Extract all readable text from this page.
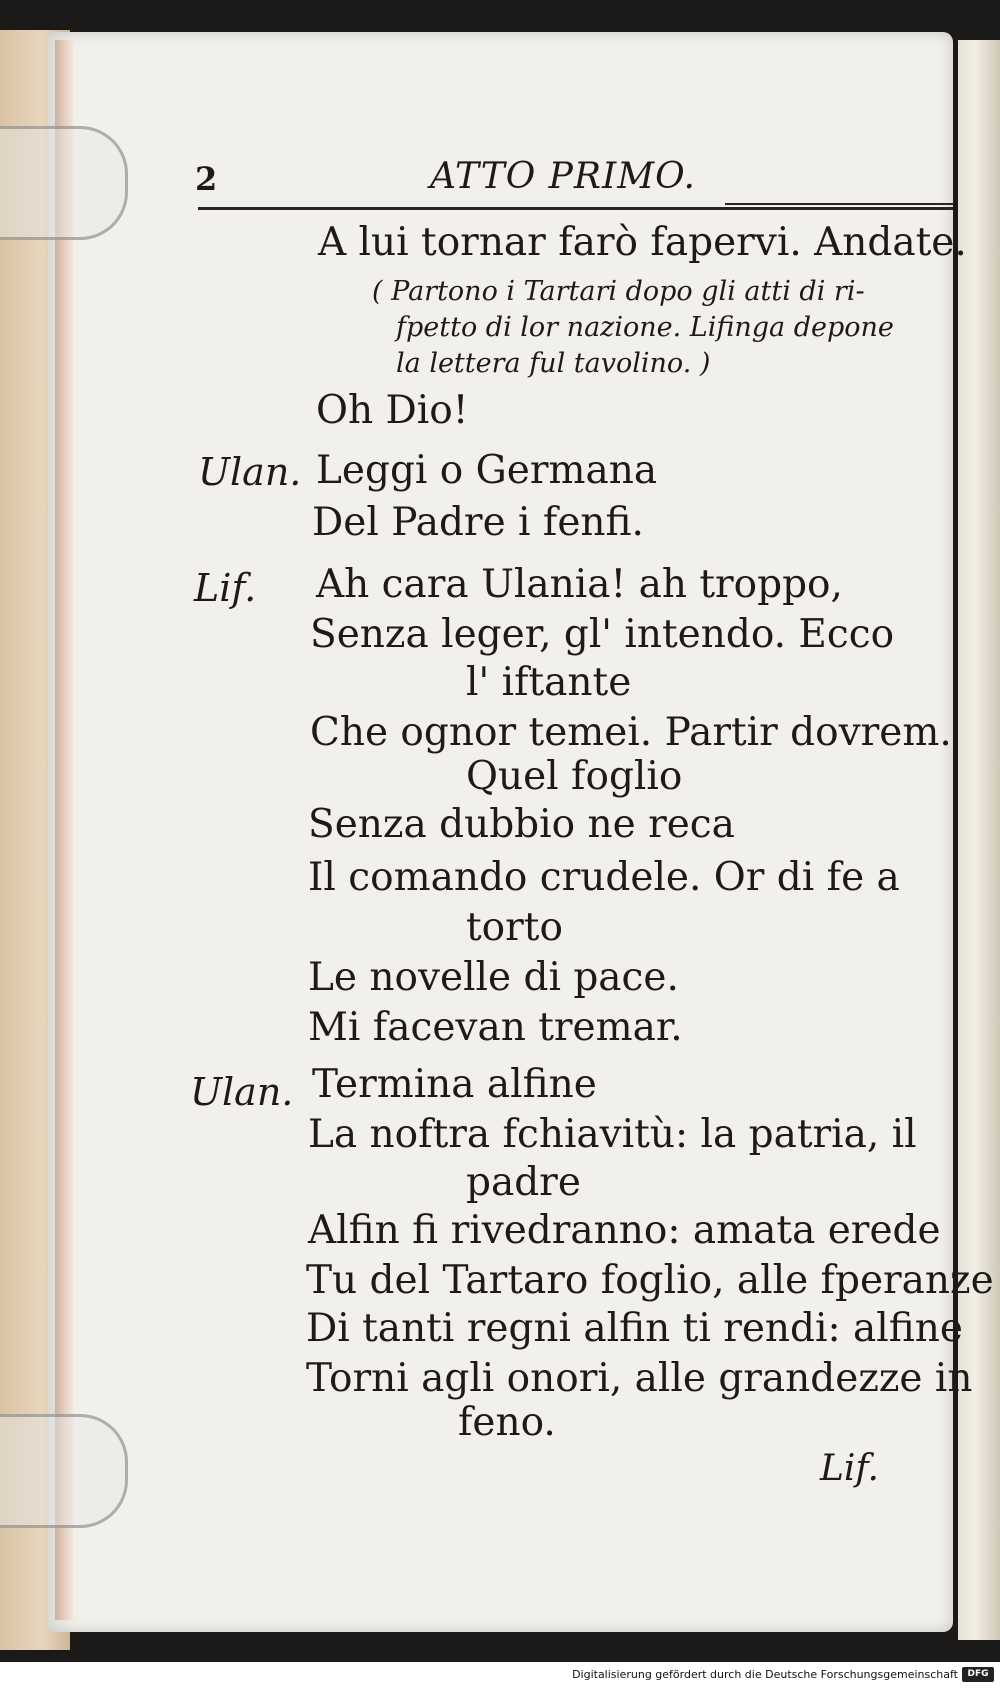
2	ATTO PRIMO.
A lui tornar farò fapervi. Andate.
( Partono i Tartari dopo gli atti di ri-
fpetto di lor nazione. Lifinga depone
la lettera ful tavolino. )
Oh Dio!
Ulan. Leggi o Germana
Del Padre i fenfi.
Lif. Ah cara Ulania! ah troppo,
Senza leger, gl' intendo. Ecco
l' iftante
Che ognor temei. Partir dovrem.
Quel foglio
Senza dubbio ne reca
Il comando crudele. Or di fe a
torto
Le novelle di pace.
Mi facevan tremar.
Ulan. Termina alfine
La noftra fchiavitù: la patria, il
padre
Alfin fi rivedranno: amata erede
Tu del Tartaro foglio, alle fperanze
Di tanti regni alfin ti rendi: alfine
Torni agli onori, alle grandezze in
feno.
Lif.
Digitalisierung gefördert durch die Deutsche Forschungsgemeinschaft	DFG
